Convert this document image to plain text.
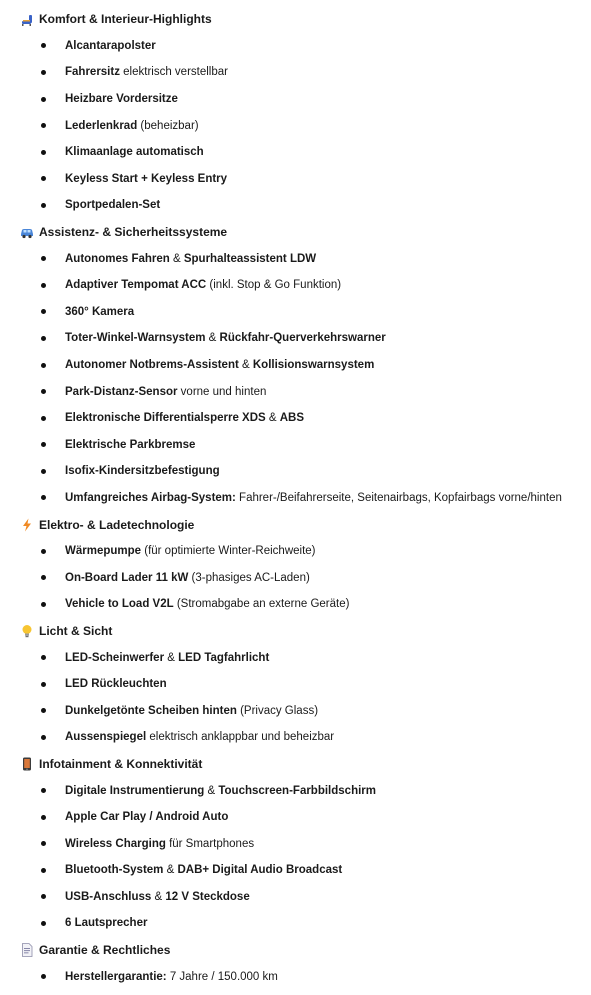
Komfort & Interieur-Highlights
Alcantarapolster
Fahrersitz elektrisch verstellbar
Heizbare Vordersitze
Lederlenkrad (beheizbar)
Klimaanlage automatisch
Keyless Start + Keyless Entry
Sportpedalen-Set
Assistenz- & Sicherheitssysteme
Autonomes Fahren & Spurhalteassistent LDW
Adaptiver Tempomat ACC (inkl. Stop & Go Funktion)
360° Kamera
Toter-Winkel-Warnsystem & Rückfahr-Querverkehrswarner
Autonomer Notbrems-Assistent & Kollisionswarnsystem
Park-Distanz-Sensor vorne und hinten
Elektronische Differentialsperre XDS & ABS
Elektrische Parkbremse
Isofix-Kindersitzbefestigung
Umfangreiches Airbag-System: Fahrer-/Beifahrerseite, Seitenairbags, Kopfairbags vorne/hinten
Elektro- & Ladetechnologie
Wärmepumpe (für optimierte Winter-Reichweite)
On-Board Lader 11 kW (3-phasiges AC-Laden)
Vehicle to Load V2L (Stromabgabe an externe Geräte)
Licht & Sicht
LED-Scheinwerfer & LED Tagfahrlicht
LED Rückleuchten
Dunkelgetönte Scheiben hinten (Privacy Glass)
Aussenspiegel elektrisch anklappbar und beheizbar
Infotainment & Konnektivität
Digitale Instrumentierung & Touchscreen-Farbbildschirm
Apple Car Play / Android Auto
Wireless Charging für Smartphones
Bluetooth-System & DAB+ Digital Audio Broadcast
USB-Anschluss & 12 V Steckdose
6 Lautsprecher
Garantie & Rechtliches
Herstellergarantie: 7 Jahre / 150.000 km
